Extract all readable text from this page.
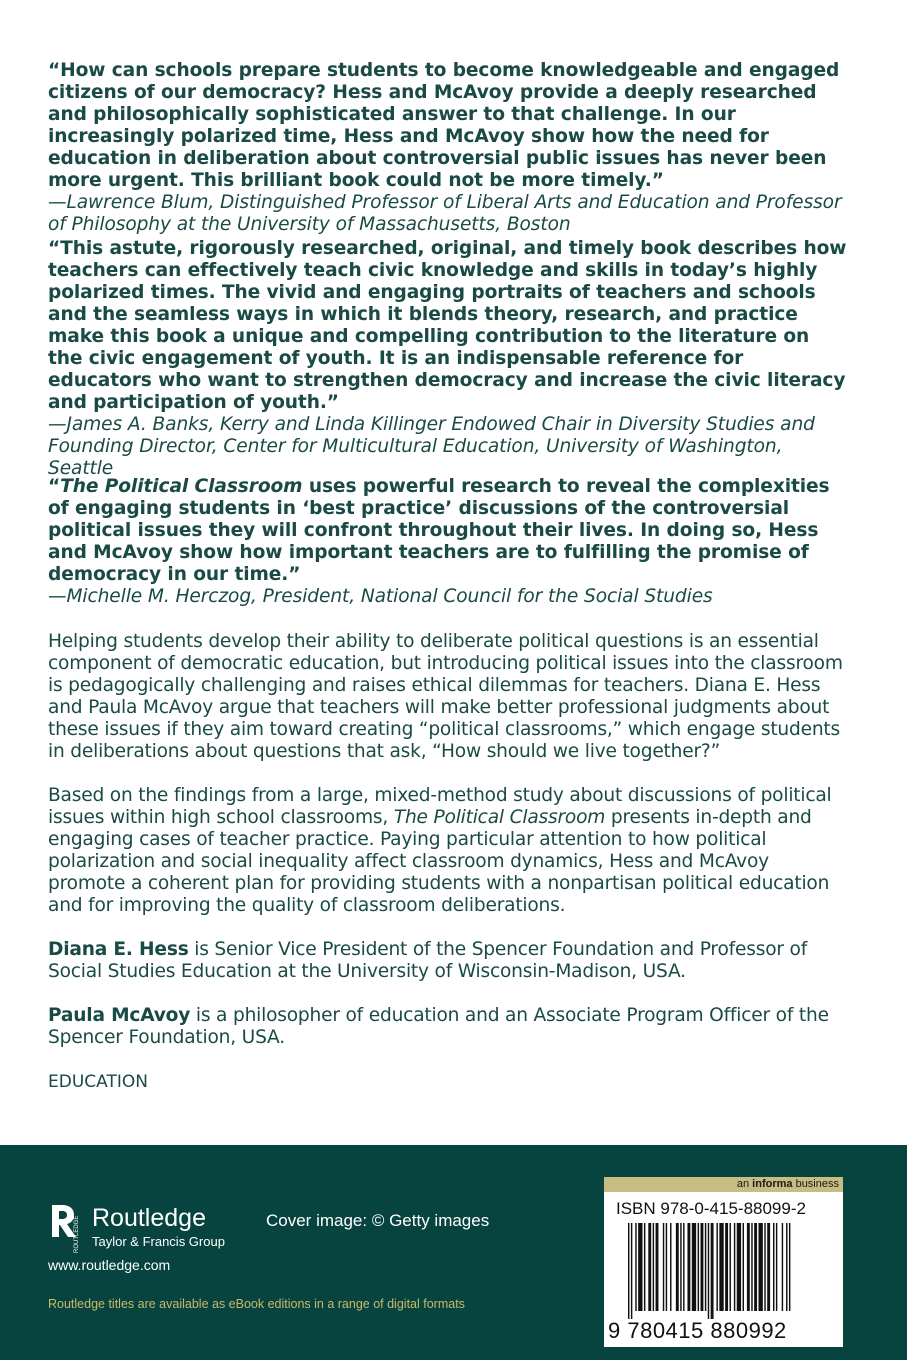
“How can schools prepare students to become knowledgeable and engaged citizens of our democracy? Hess and McAvoy provide a deeply researched and philosophically sophisticated answer to that challenge. In our increasingly polarized time, Hess and McAvoy show how the need for education in deliberation about controversial public issues has never been more urgent. This brilliant book could not be more timely.”

—Lawrence Blum, Distinguished Professor of Liberal Arts and Education and Professor of Philosophy at the University of Massachusetts, Boston

“This astute, rigorously researched, original, and timely book describes how teachers can effectively teach civic knowledge and skills in today’s highly polarized times. The vivid and engaging portraits of teachers and schools and the seamless ways in which it blends theory, research, and practice make this book a unique and compelling contribution to the literature on the civic engagement of youth. It is an indispensable reference for educators who want to strengthen democracy and increase the civic literacy and participation of youth.”

—James A. Banks, Kerry and Linda Killinger Endowed Chair in Diversity Studies and Founding Director, Center for Multicultural Education, University of Washington, Seattle

“The Political Classroom uses powerful research to reveal the complexities of engaging students in ‘best practice’ discussions of the controversial political issues they will confront throughout their lives. In doing so, Hess and McAvoy show how important teachers are to fulfilling the promise of democracy in our time.”

—Michelle M. Herczog, President, National Council for the Social Studies

Helping students develop their ability to deliberate political questions is an essential component of democratic education, but introducing political issues into the classroom is pedagogically challenging and raises ethical dilemmas for teachers. Diana E. Hess and Paula McAvoy argue that teachers will make better professional judgments about these issues if they aim toward creating “political classrooms,” which engage students in deliberations about questions that ask, “How should we live together?”

Based on the findings from a large, mixed-method study about discussions of political issues within high school classrooms, The Political Classroom presents in-depth and engaging cases of teacher practice. Paying particular attention to how political polarization and social inequality affect classroom dynamics, Hess and McAvoy promote a coherent plan for providing students with a nonpartisan political education and for improving the quality of classroom deliberations.

Diana E. Hess is Senior Vice President of the Spencer Foundation and Professor of Social Studies Education at the University of Wisconsin-Madison, USA.

Paula McAvoy is a philosopher of education and an Associate Program Officer of the Spencer Foundation, USA.

EDUCATION
ROUTLEDGE Routledge
Taylor & Francis Group
www.routledge.com
Cover image: © Getty images
Routledge titles are available as eBook editions in a range of digital formats
an informa business
ISBN 978-0-415-88099-2
9 780415 880992
